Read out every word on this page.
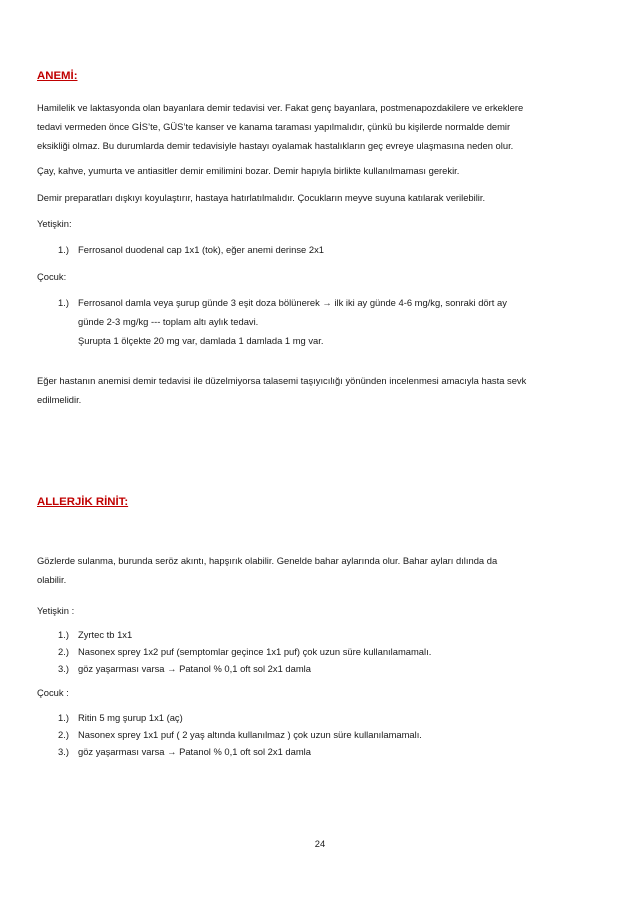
ANEMİ:
Hamilelik ve laktasyonda olan bayanlara demir tedavisi ver. Fakat genç bayanlara, postmenapozdakilere ve erkeklere
tedavi vermeden önce GİS’te, GÜS’te kanser ve kanama taraması yapılmalıdır, çünkü bu kişilerde normalde demir
eksikliği olmaz. Bu durumlarda demir tedavisiyle hastayı oyalamak hastalıkların geç evreye ulaşmasına neden olur.
Çay, kahve, yumurta ve antiasitler demir emilimini bozar. Demir hapıyla birlikte kullanılmaması gerekir.
Demir preparatları dışkıyı koyulaştırır, hastaya hatırlatılmalıdır. Çocukların meyve suyuna katılarak verilebilir.
Yetişkin:
1.) Ferrosanol duodenal cap 1x1 (tok), eğer anemi derinse 2x1
Çocuk:
1.) Ferrosanol damla veya şurup günde 3 eşit doza bölünerek → ilk iki ay günde 4-6 mg/kg, sonraki dört ay
günde 2-3 mg/kg --- toplam altı aylık tedavi.
Şurupta 1 ölçekte 20 mg var, damlada 1 damlada 1 mg var.
Eğer hastanın anemisi demir tedavisi ile düzelmiyorsa talasemi taşıyıcılığı yönünden incelenmesi amacıyla hasta sevk
edilmelidir.
ALLERJİK RİNİT:
Gözlerde sulanma, burunda seröz akıntı, hapşırık olabilir. Genelde bahar aylarında olur. Bahar ayları dılında da
olabilir.
Yetişkin :
1.) Zyrtec tb 1x1
2.) Nasonex sprey 1x2 puf (semptomlar geçince 1x1 puf) çok uzun süre kullanılamamalı.
3.) göz yaşarması varsa → Patanol % 0,1 oft sol 2x1 damla
Çocuk :
1.) Ritin 5 mg şurup 1x1 (aç)
2.) Nasonex sprey 1x1 puf ( 2 yaş altında kullanılmaz ) çok uzun süre kullanılamamalı.
3.) göz yaşarması varsa → Patanol % 0,1 oft sol 2x1 damla
24
